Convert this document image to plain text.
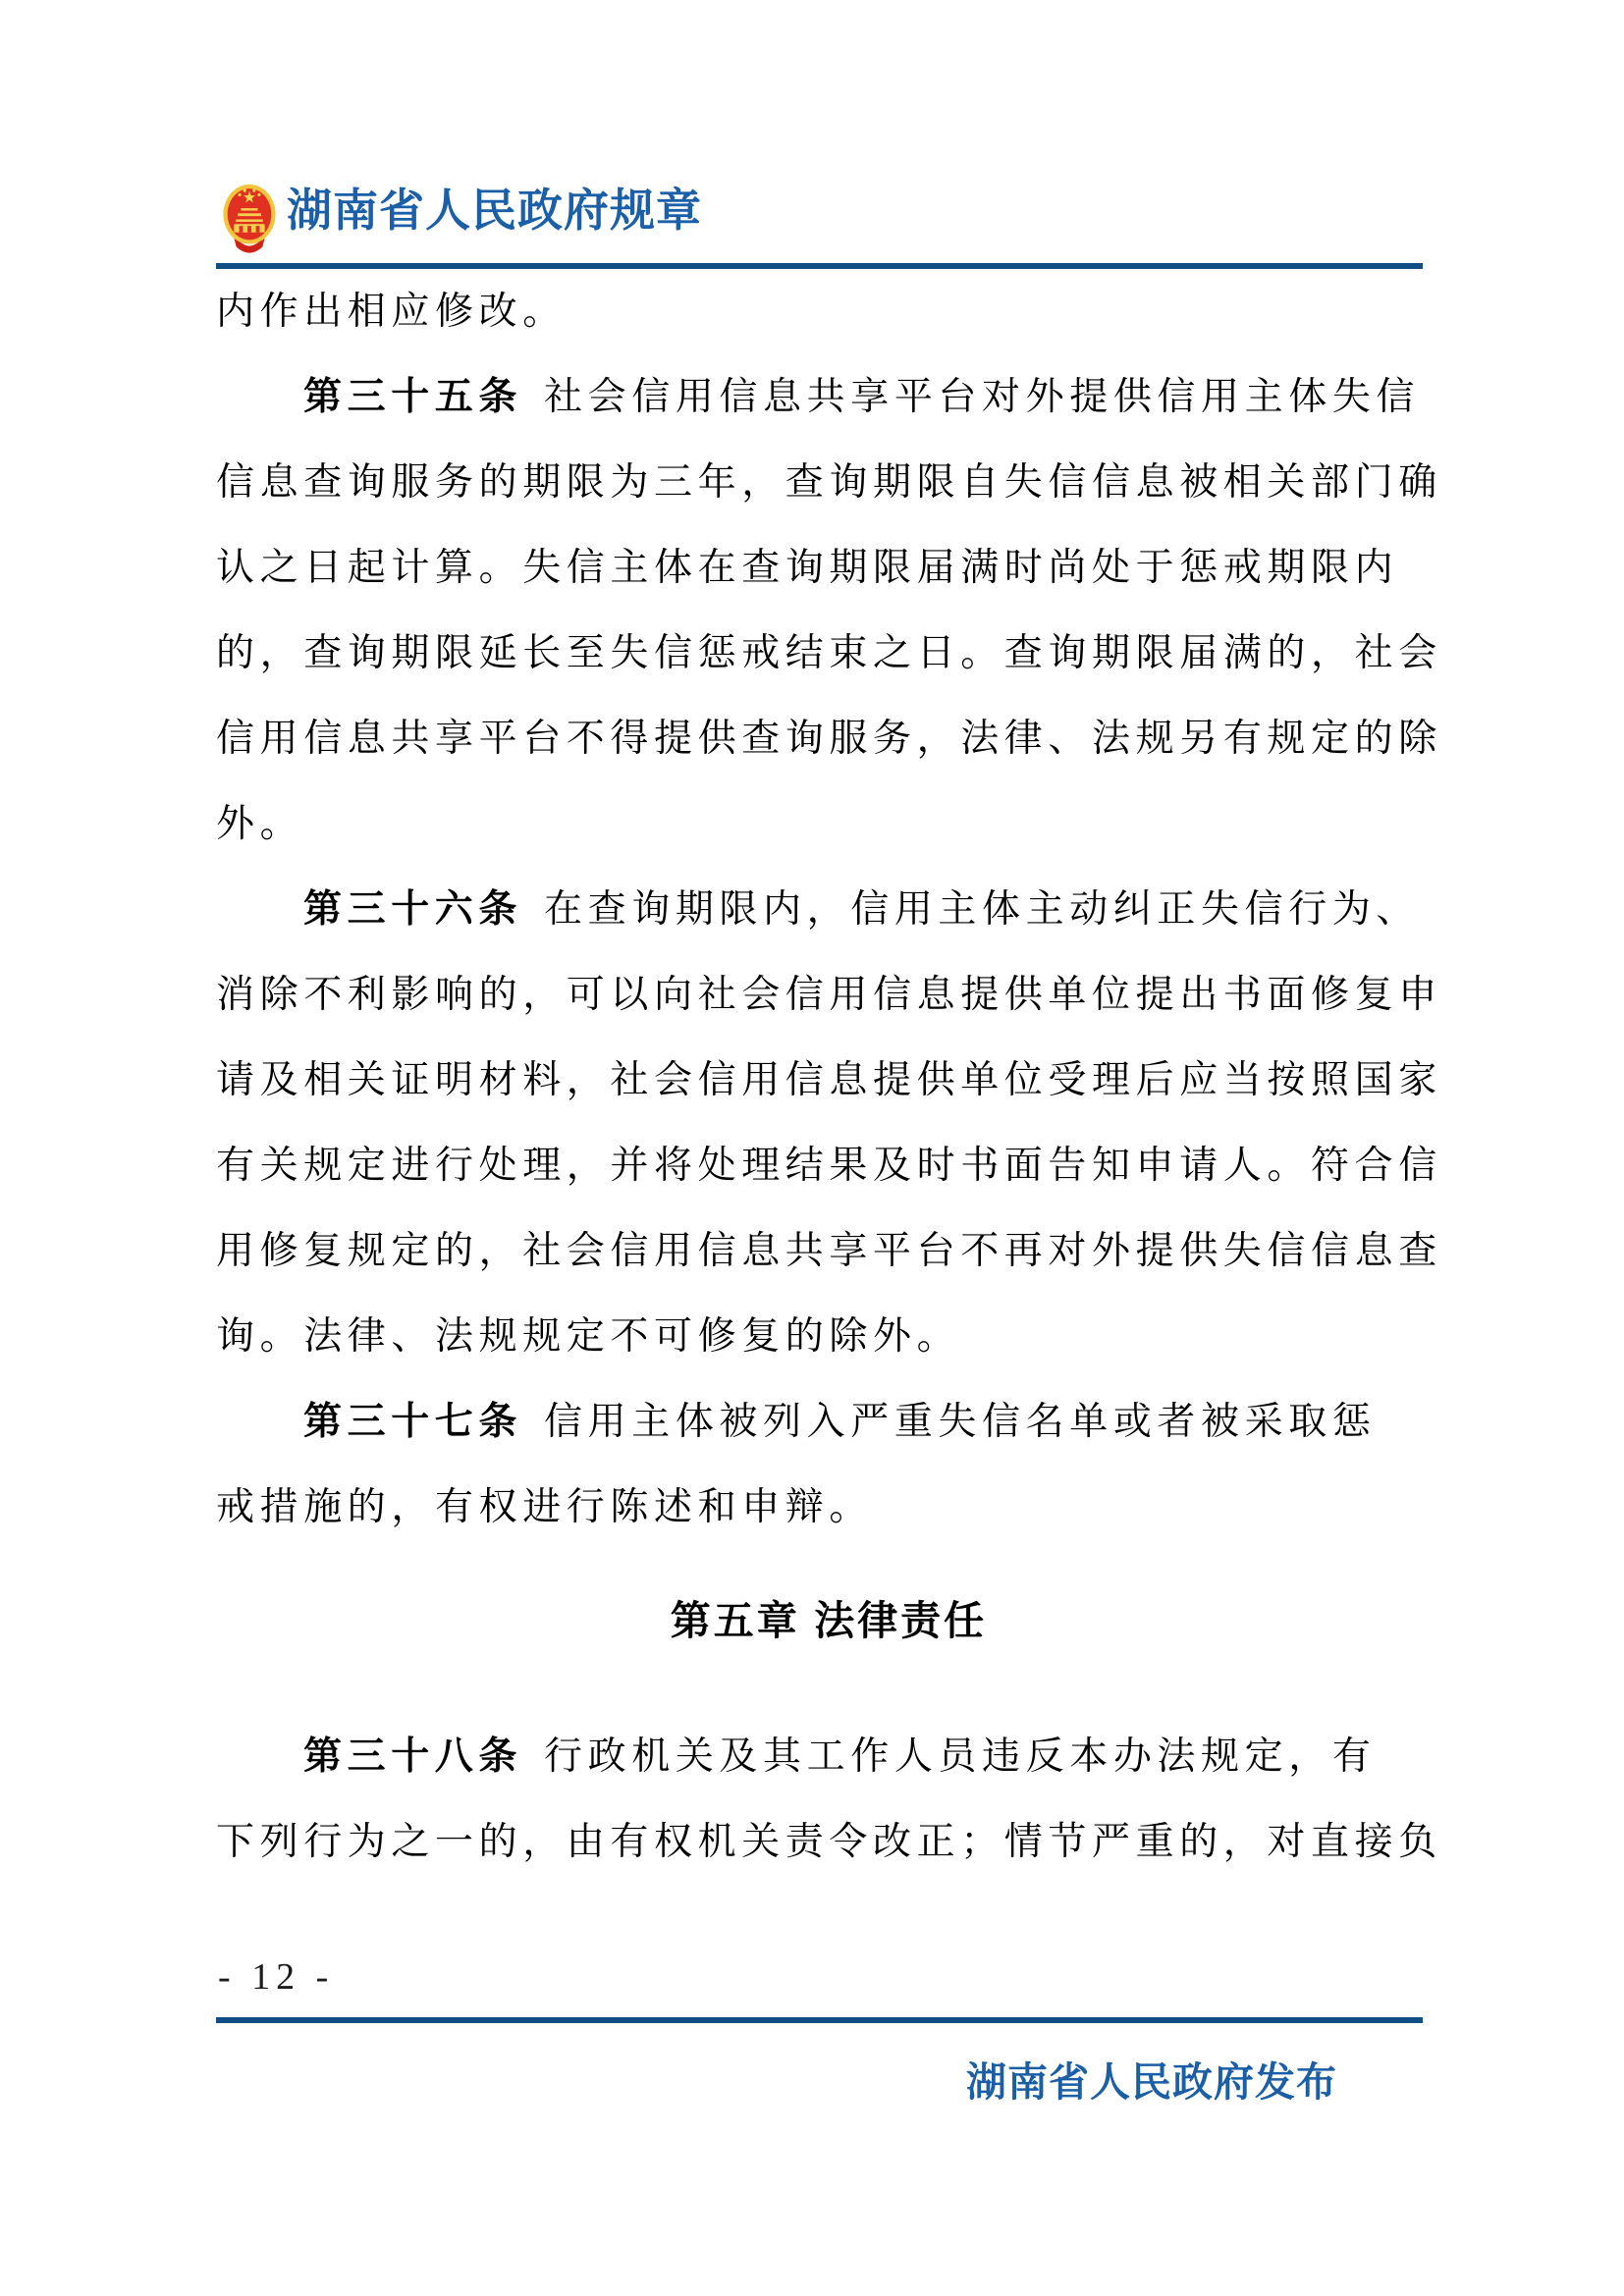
湖南省人民政府规章
内作出相应修改。
第三十五条 社会信用信息共享平台对外提供信用主体失信
信息查询服务的期限为三年，查询期限自失信信息被相关部门确
认之日起计算。失信主体在查询期限届满时尚处于惩戒期限内
的，查询期限延长至失信惩戒结束之日。查询期限届满的，社会
信用信息共享平台不得提供查询服务，法律、法规另有规定的除
外。
第三十六条 在查询期限内，信用主体主动纠正失信行为、
消除不利影响的，可以向社会信用信息提供单位提出书面修复申
请及相关证明材料，社会信用信息提供单位受理后应当按照国家
有关规定进行处理，并将处理结果及时书面告知申请人。符合信
用修复规定的，社会信用信息共享平台不再对外提供失信信息查
询。法律、法规规定不可修复的除外。
第三十七条 信用主体被列入严重失信名单或者被采取惩
戒措施的，有权进行陈述和申辩。
第五章 法律责任
第三十八条 行政机关及其工作人员违反本办法规定，有
下列行为之一的，由有权机关责令改正；情节严重的，对直接负
- 12 -
湖南省人民政府发布
